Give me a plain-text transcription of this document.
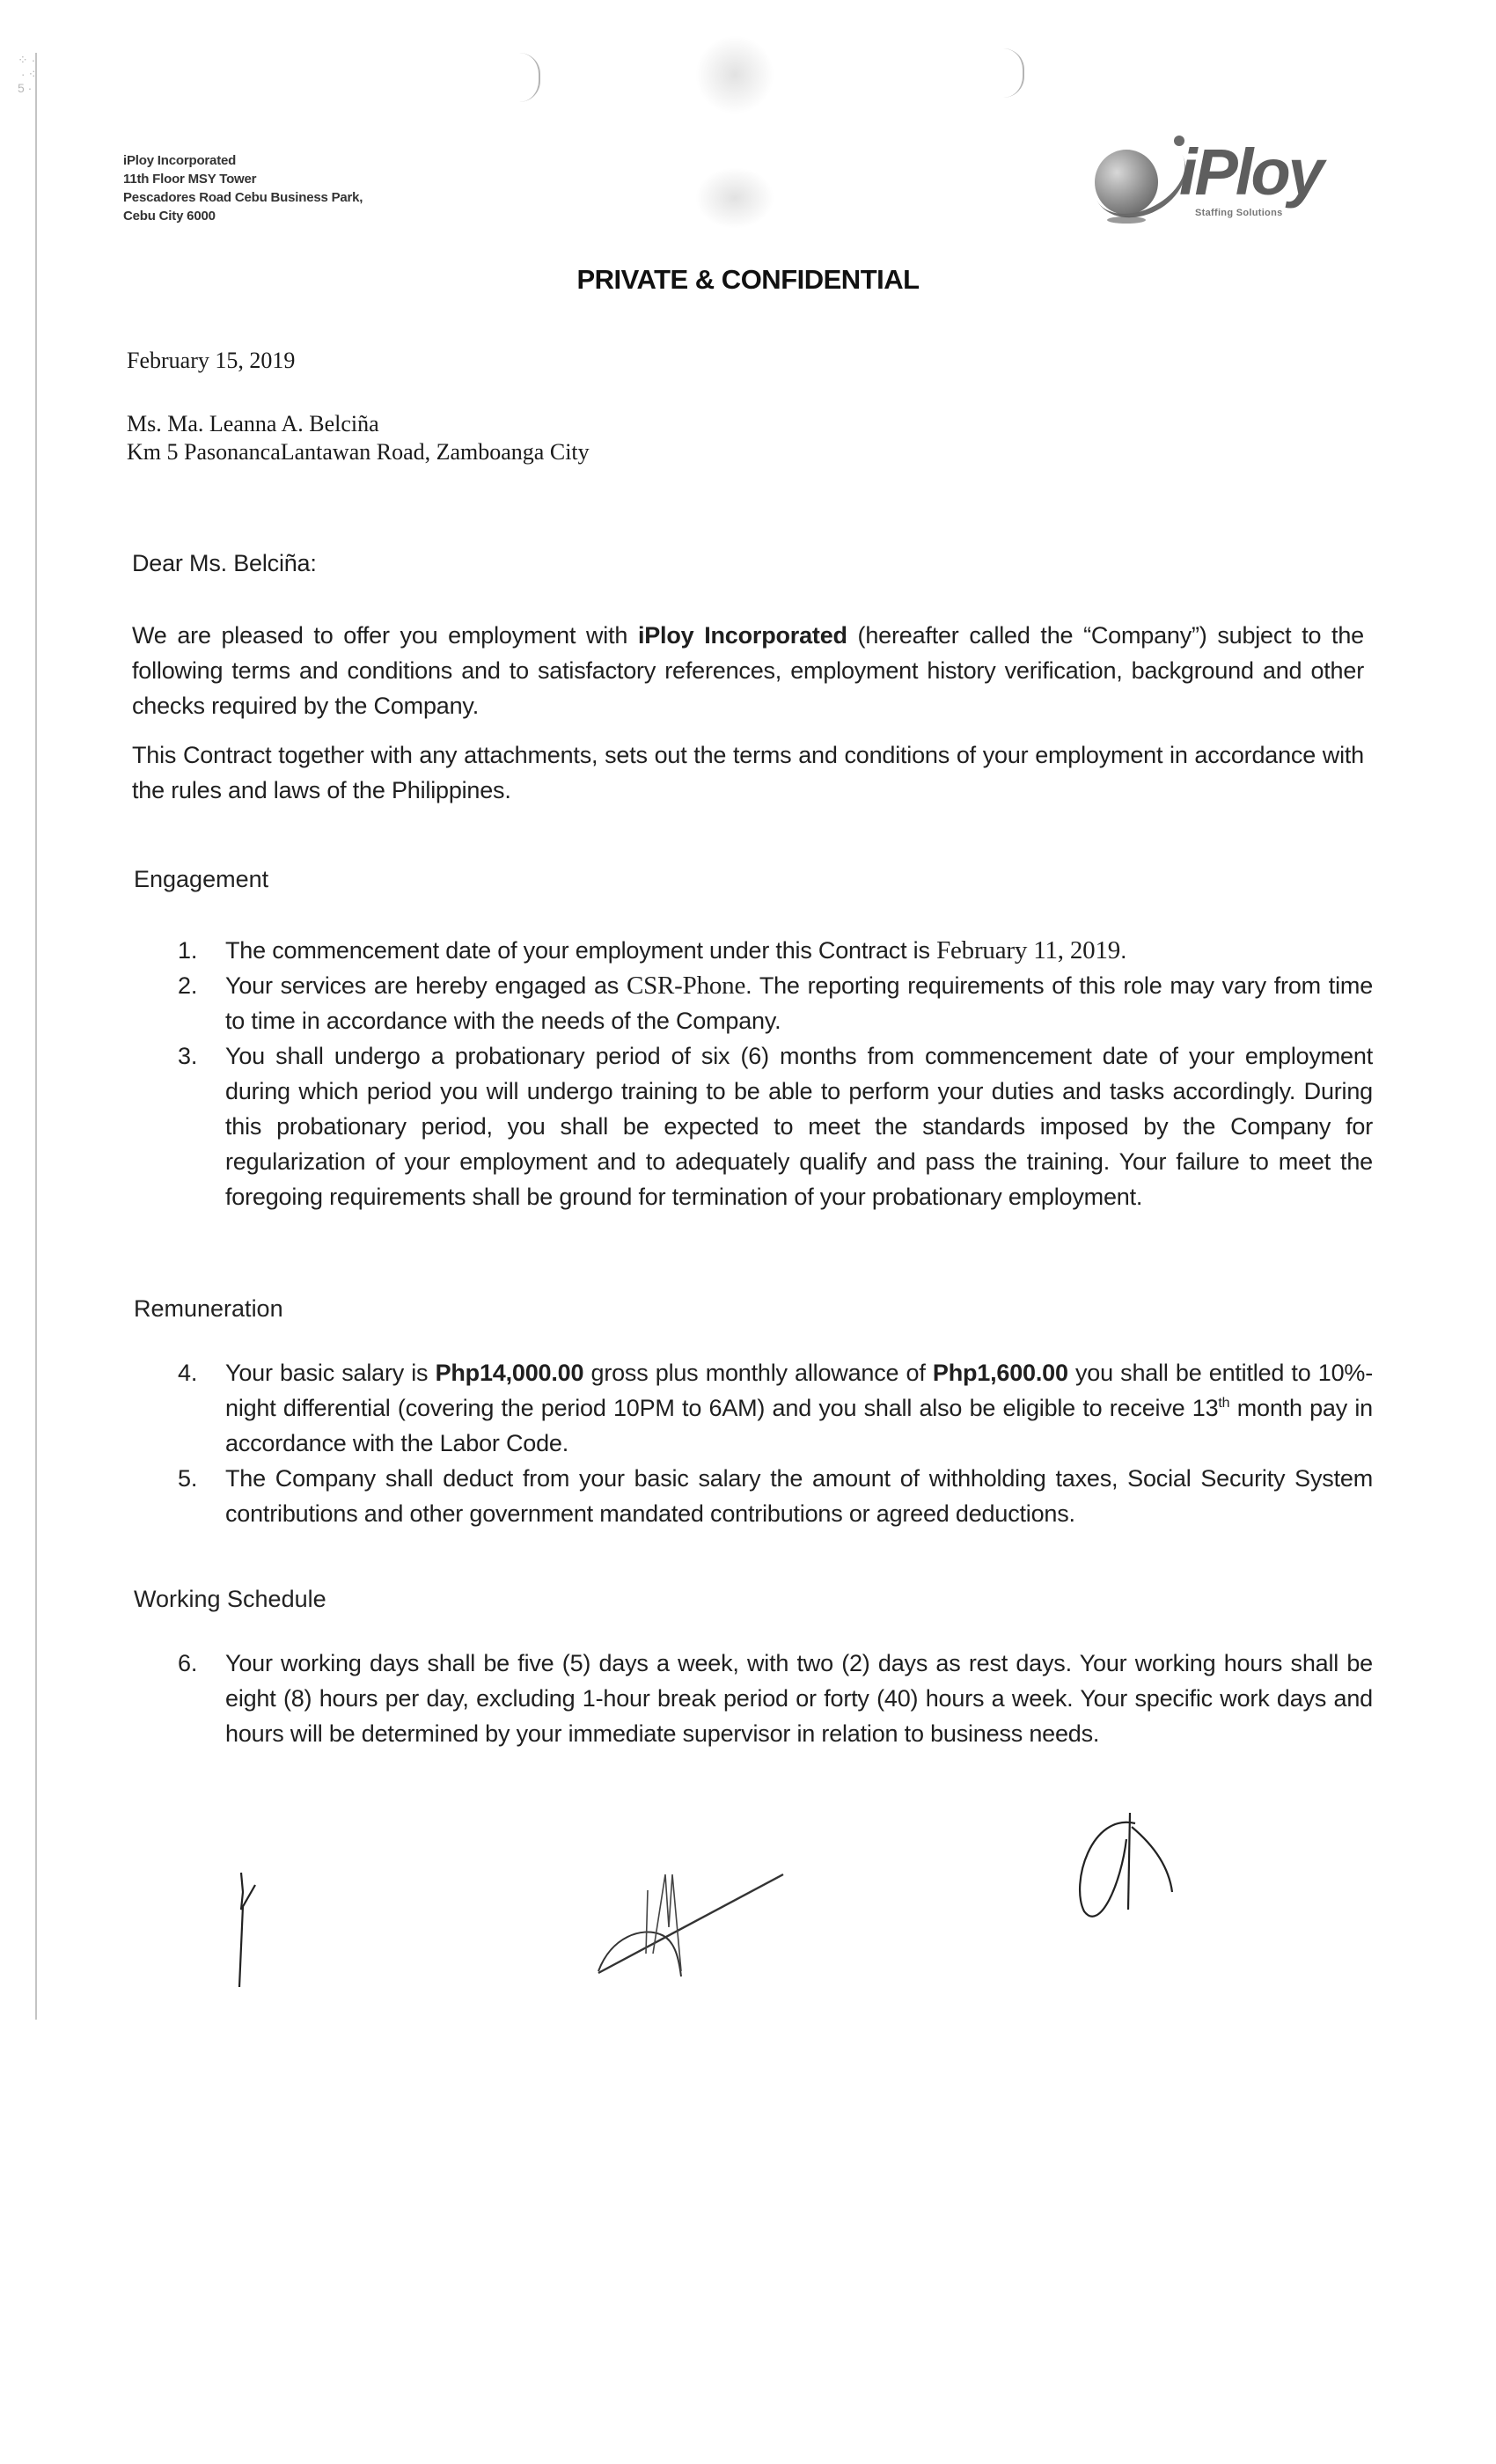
⁘ ·
· ⁖
5 ·
iPloy Incorporated
11th Floor MSY Tower
Pescadores Road Cebu Business Park,
Cebu City 6000
iPloy
Staffing Solutions
PRIVATE & CONFIDENTIAL
February 15, 2019
Ms. Ma. Leanna A. Belciña
Km 5 PasonancaLantawan Road, Zamboanga City
Dear Ms. Belciña:
We are pleased to offer you employment with iPloy Incorporated (hereafter called the “Company”) subject to the following terms and conditions and to satisfactory references, employment history verification, background and other checks required by the Company.
This Contract together with any attachments, sets out the terms and conditions of your employment in accordance with the rules and laws of the Philippines.
Engagement
1. The commencement date of your employment under this Contract is February 11, 2019.
2. Your services are hereby engaged as CSR-Phone. The reporting requirements of this role may vary from time to time in accordance with the needs of the Company.
3. You shall undergo a probationary period of six (6) months from commencement date of your employment during which period you will undergo training to be able to perform your duties and tasks accordingly. During this probationary period, you shall be expected to meet the standards imposed by the Company for regularization of your employment and to adequately qualify and pass the training. Your failure to meet the foregoing requirements shall be ground for termination of your probationary employment.
Remuneration
4. Your basic salary is Php14,000.00 gross plus monthly allowance of Php1,600.00 you shall be entitled to 10%-night differential (covering the period 10PM to 6AM) and you shall also be eligible to receive 13th month pay in accordance with the Labor Code.
5. The Company shall deduct from your basic salary the amount of withholding taxes, Social Security System contributions and other government mandated contributions or agreed deductions.
Working Schedule
6. Your working days shall be five (5) days a week, with two (2) days as rest days. Your working hours shall be eight (8) hours per day, excluding 1-hour break period or forty (40) hours a week. Your specific work days and hours will be determined by your immediate supervisor in relation to business needs.
